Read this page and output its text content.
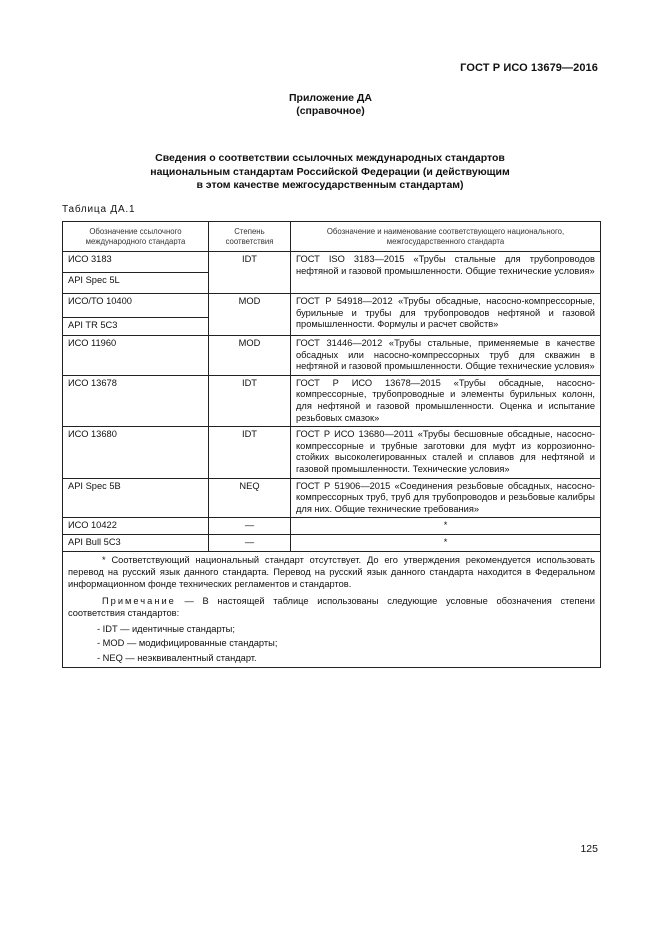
ГОСТ Р ИСО 13679—2016
Приложение ДА
(справочное)
Сведения о соответствии ссылочных международных стандартов
национальным стандартам Российской Федерации (и действующим
в этом качестве межгосударственным стандартам)
Таблица ДА.1
Обозначение ссылочного международного стандарта	Степень соответствия	Обозначение и наименование соответствующего национального, межгосударственного стандарта
ИСО 3183	IDT	ГОСТ ISO 3183—2015 «Трубы стальные для трубопроводов нефтяной и газовой промышленности. Общие технические условия»
API Spec 5L		
ИСО/ТО 10400	MOD	ГОСТ Р 54918—2012 «Трубы обсадные, насосно-компрессорные, бурильные и трубы для трубопроводов нефтяной и газовой промышленности. Формулы и расчет свойств»
API TR 5C3		
ИСО 11960	MOD	ГОСТ 31446—2012 «Трубы стальные, применяемые в качестве обсадных или насосно-компрессорных труб для скважин в нефтяной и газовой промышленности. Общие технические условия»
ИСО 13678	IDT	ГОСТ Р ИСО 13678—2015 «Трубы обсадные, насосно-компрессорные, трубопроводные и элементы бурильных колонн, для нефтяной и газовой промышленности. Оценка и испытание резьбовых смазок»
ИСО 13680	IDT	ГОСТ Р ИСО 13680—2011 «Трубы бесшовные обсадные, насосно-компрессорные и трубные заготовки для муфт из коррозионно-стойких высоколегированных сталей и сплавов для нефтяной и газовой промышленности. Технические условия»
API Spec 5B	NEQ	ГОСТ Р 51906—2015 «Соединения резьбовые обсадных, насосно-компрессорных труб, труб для трубопроводов и резьбовые калибры для них. Общие технические требования»
ИСО 10422	—	*
API Bull 5C3	—	*

* Соответствующий национальный стандарт отсутствует. До его утверждения рекомендуется использовать перевод на русский язык данного стандарта. Перевод на русский язык данного стандарта находится в Федеральном информационном фонде технических регламентов и стандартов.

Примечание — В настоящей таблице использованы следующие условные обозначения степени соответствия стандартов:

- IDT — идентичные стандарты;

- MOD — модифицированные стандарты;

- NEQ — неэквивалентный стандарт.		

125
